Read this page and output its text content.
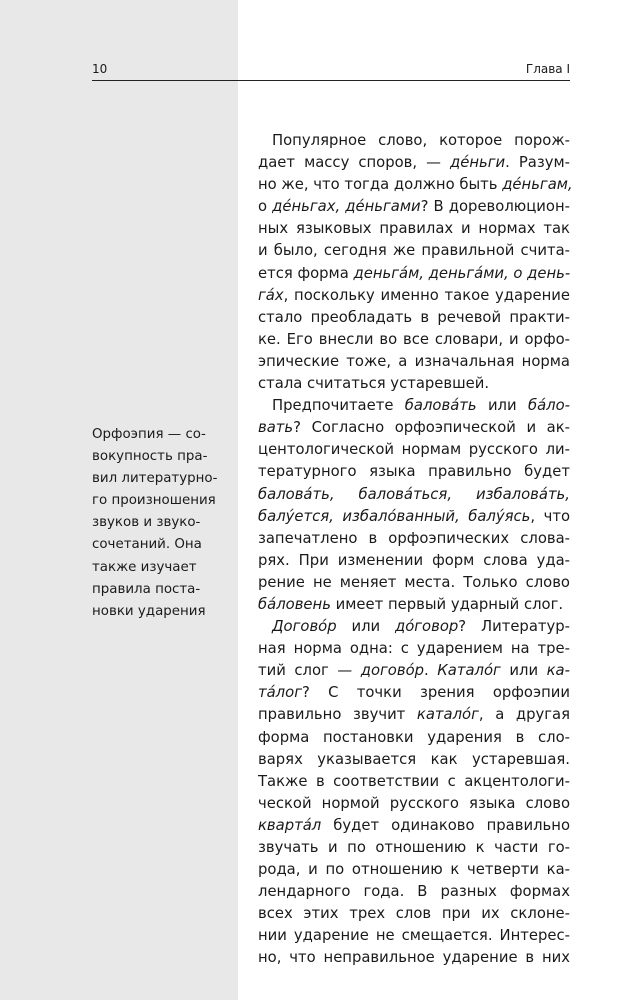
10	Глава I

Орфоэпия — со-
вокупность пра-
вил литературно-
го произношения
звуков и звуко-
сочетаний. Она
также изучает
правила поста-
новки ударения

Популярное слово, которое порож-
дает массу споров, — де́ньги. Разум-
но же, что тогда должно быть де́ньгам,
о де́ньгах, де́ньгами? В дореволюцион-
ных языковых правилах и нормах так
и было, сегодня же правильной счита-
ется форма деньга́м, деньга́ми, о день-
га́х, поскольку именно такое ударение
стало преобладать в речевой практи-
ке. Его внесли во все словари, и орфо-
эпические тоже, а изначальная норма
стала считаться устаревшей.
Предпочитаете балова́ть или ба́ло-
вать? Согласно орфоэпической и ак-
центологической нормам русского ли-
тературного языка правильно будет
балова́ть, балова́ться, избалова́ть,
балу́ется, избало́ванный, балу́ясь, что
запечатлено в орфоэпических слова-
рях. При изменении форм слова уда-
рение не меняет места. Только слово
ба́ловень имеет первый ударный слог.
Догово́р или до́говор? Литератур-
ная норма одна: с ударением на тре-
тий слог — догово́р. Катало́г или ка-
та́лог? С точки зрения орфоэпии
правильно звучит катало́г, а другая
форма постановки ударения в сло-
варях указывается как устаревшая.
Также в соответствии с акцентологи-
ческой нормой русского языка слово
кварта́л будет одинаково правильно
звучать и по отношению к части го-
рода, и по отношению к четверти ка-
лендарного года. В разных формах
всех этих трех слов при их склоне-
нии ударение не смещается. Интерес-
но, что неправильное ударение в них
